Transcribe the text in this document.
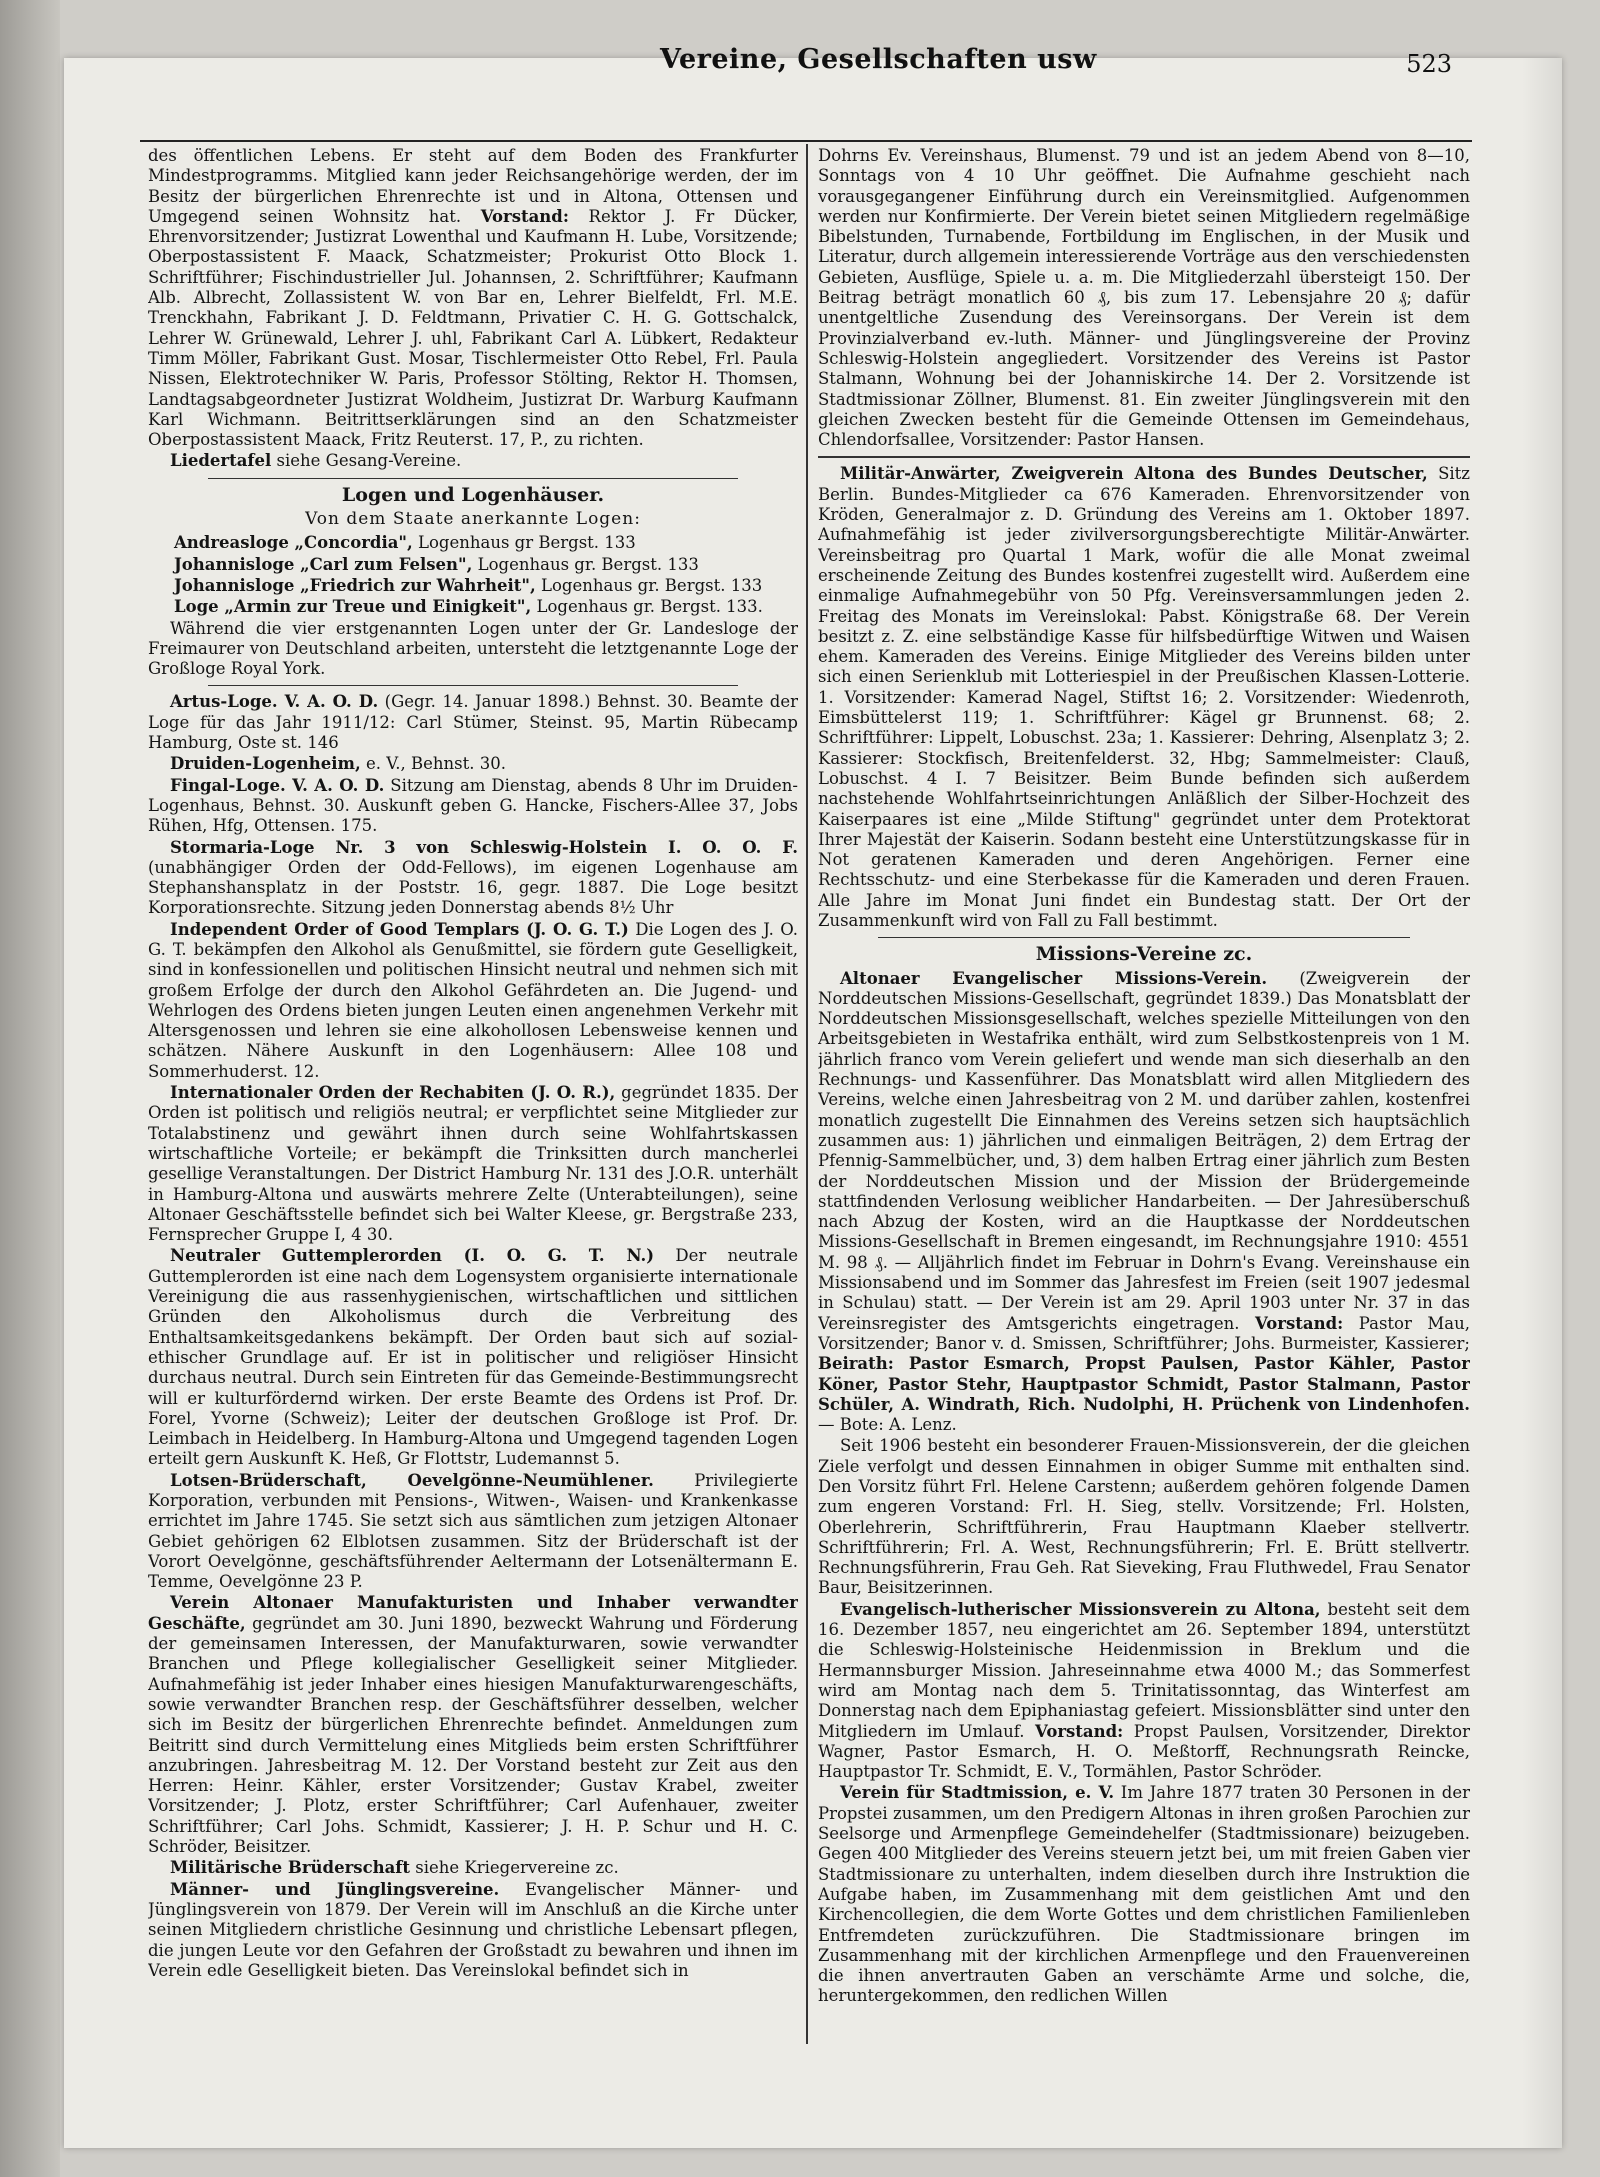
Vereine, Gesellschaften usw	523

des öffentlichen Lebens. Er steht auf dem Boden des Frankfurter Mindestprogramms. Mitglied kann jeder Reichsangehörige werden, der im Besitz der bürgerlichen Ehrenrechte ist und in Altona, Ottensen und Umgegend seinen Wohnsitz hat. Vorstand: Rektor J. Fr Dücker, Ehrenvorsitzender; Justizrat Lowenthal und Kaufmann H. Lube, Vorsitzende; Oberpostassistent F. Maack, Schatzmeister; Prokurist Otto Block 1. Schriftführer; Fischindustrieller Jul. Johannsen, 2. Schriftführer; Kaufmann Alb. Albrecht, Zollassistent W. von Bar en, Lehrer Bielfeldt, Frl. M.E. Trenckhahn, Fabrikant J. D. Feldtmann, Privatier C. H. G. Gottschalck, Lehrer W. Grünewald, Lehrer J. uhl, Fabrikant Carl A. Lübkert, Redakteur Timm Möller, Fabrikant Gust. Mosar, Tischlermeister Otto Rebel, Frl. Paula Nissen, Elektrotechniker W. Paris, Professor Stölting, Rektor H. Thomsen, Landtagsabgeordneter Justizrat Woldheim, Justizrat Dr. Warburg Kaufmann Karl Wichmann. Beitrittserklärungen sind an den Schatzmeister Oberpostassistent Maack, Fritz Reuterst. 17, P., zu richten.

Liedertafel siehe Gesang-Vereine.

Logen und Logenhäuser.
Von dem Staate anerkannte Logen:

Andreasloge „Concordia", Logenhaus gr Bergst. 133

Johannisloge „Carl zum Felsen", Logenhaus gr. Bergst. 133

Johannisloge „Friedrich zur Wahrheit", Logenhaus gr. Bergst. 133

Loge „Armin zur Treue und Einigkeit", Logenhaus gr. Bergst. 133.

Während die vier erstgenannten Logen unter der Gr. Landesloge der Freimaurer von Deutschland arbeiten, untersteht die letztgenannte Loge der Großloge Royal York.

Artus-Loge. V. A. O. D. (Gegr. 14. Januar 1898.) Behnst. 30. Beamte der Loge für das Jahr 1911/12: Carl Stümer, Steinst. 95, Martin Rübecamp Hamburg, Oste st. 146

Druiden-Logenheim, e. V., Behnst. 30.

Fingal-Loge. V. A. O. D. Sitzung am Dienstag, abends 8 Uhr im Druiden-Logenhaus, Behnst. 30. Auskunft geben G. Hancke, Fischers-Allee 37, Jobs Rühen, Hfg, Ottensen. 175.

Stormaria-Loge Nr. 3 von Schleswig-Holstein I. O. O. F. (unabhängiger Orden der Odd-Fellows), im eigenen Logenhause am Stephanshansplatz in der Poststr. 16, gegr. 1887. Die Loge besitzt Korporationsrechte. Sitzung jeden Donnerstag abends 8½ Uhr

Independent Order of Good Templars (J. O. G. T.) Die Logen des J. O. G. T. bekämpfen den Alkohol als Genußmittel, sie fördern gute Geselligkeit, sind in konfessionellen und politischen Hinsicht neutral und nehmen sich mit großem Erfolge der durch den Alkohol Gefährdeten an. Die Jugend- und Wehrlogen des Ordens bieten jungen Leuten einen angenehmen Verkehr mit Altersgenossen und lehren sie eine alkohollosen Lebensweise kennen und schätzen. Nähere Auskunft in den Logenhäusern: Allee 108 und Sommerhuderst. 12.

Internationaler Orden der Rechabiten (J. O. R.), gegründet 1835. Der Orden ist politisch und religiös neutral; er verpflichtet seine Mitglieder zur Totalabstinenz und gewährt ihnen durch seine Wohlfahrtskassen wirtschaftliche Vorteile; er bekämpft die Trinksitten durch mancherlei gesellige Veranstaltungen. Der District Hamburg Nr. 131 des J.O.R. unterhält in Hamburg-Altona und auswärts mehrere Zelte (Unterabteilungen), seine Altonaer Geschäftsstelle befindet sich bei Walter Kleese, gr. Bergstraße 233, Fernsprecher Gruppe I, 4 30.

Neutraler Guttemplerorden (I. O. G. T. N.) Der neutrale Guttemplerorden ist eine nach dem Logensystem organisierte internationale Vereinigung die aus rassenhygienischen, wirtschaftlichen und sittlichen Gründen den Alkoholismus durch die Verbreitung des Enthaltsamkeitsgedankens bekämpft. Der Orden baut sich auf sozial-ethischer Grundlage auf. Er ist in politischer und religiöser Hinsicht durchaus neutral. Durch sein Eintreten für das Gemeinde-Bestimmungsrecht will er kulturfördernd wirken. Der erste Beamte des Ordens ist Prof. Dr. Forel, Yvorne (Schweiz); Leiter der deutschen Großloge ist Prof. Dr. Leimbach in Heidelberg. In Hamburg-Altona und Umgegend tagenden Logen erteilt gern Auskunft K. Heß, Gr Flottstr, Ludemannst 5.

Lotsen-Brüderschaft, Oevelgönne-Neumühlener. Privilegierte Korporation, verbunden mit Pensions-, Witwen-, Waisen- und Krankenkasse errichtet im Jahre 1745. Sie setzt sich aus sämtlichen zum jetzigen Altonaer Gebiet gehörigen 62 Elblotsen zusammen. Sitz der Brüderschaft ist der Vorort Oevelgönne, geschäftsführender Aeltermann der Lotsenältermann E. Temme, Oevelgönne 23 P.

Verein Altonaer Manufakturisten und Inhaber verwandter Geschäfte, gegründet am 30. Juni 1890, bezweckt Wahrung und Förderung der gemeinsamen Interessen, der Manufakturwaren, sowie verwandter Branchen und Pflege kollegialischer Geselligkeit seiner Mitglieder. Aufnahmefähig ist jeder Inhaber eines hiesigen Manufakturwarengeschäfts, sowie verwandter Branchen resp. der Geschäftsführer desselben, welcher sich im Besitz der bürgerlichen Ehrenrechte befindet. Anmeldungen zum Beitritt sind durch Vermittelung eines Mitglieds beim ersten Schriftführer anzubringen. Jahresbeitrag M. 12. Der Vorstand besteht zur Zeit aus den Herren: Heinr. Kähler, erster Vorsitzender; Gustav Krabel, zweiter Vorsitzender; J. Plotz, erster Schriftführer; Carl Aufenhauer, zweiter Schriftführer; Carl Johs. Schmidt, Kassierer; J. H. P. Schur und H. C. Schröder, Beisitzer.

Militärische Brüderschaft siehe Kriegervereine zc.

Männer- und Jünglingsvereine. Evangelischer Männer- und Jünglingsverein von 1879. Der Verein will im Anschluß an die Kirche unter seinen Mitgliedern christliche Gesinnung und christliche Lebensart pflegen, die jungen Leute vor den Gefahren der Großstadt zu bewahren und ihnen im Verein edle Geselligkeit bieten. Das Vereinslokal befindet sich in

Dohrns Ev. Vereinshaus, Blumenst. 79 und ist an jedem Abend von 8—10, Sonntags von 4 10 Uhr geöffnet. Die Aufnahme geschieht nach vorausgegangener Einführung durch ein Vereinsmitglied. Aufgenommen werden nur Konfirmierte. Der Verein bietet seinen Mitgliedern regelmäßige Bibelstunden, Turnabende, Fortbildung im Englischen, in der Musik und Literatur, durch allgemein interessierende Vorträge aus den verschiedensten Gebieten, Ausflüge, Spiele u. a. m. Die Mitgliederzahl übersteigt 150. Der Beitrag beträgt monatlich 60 ₰, bis zum 17. Lebensjahre 20 ₰; dafür unentgeltliche Zusendung des Vereinsorgans. Der Verein ist dem Provinzialverband ev.-luth. Männer- und Jünglingsvereine der Provinz Schleswig-Holstein angegliedert. Vorsitzender des Vereins ist Pastor Stalmann, Wohnung bei der Johanniskirche 14. Der 2. Vorsitzende ist Stadtmissionar Zöllner, Blumenst. 81. Ein zweiter Jünglingsverein mit den gleichen Zwecken besteht für die Gemeinde Ottensen im Gemeindehaus, Chlendorfsallee, Vorsitzender: Pastor Hansen.

Militär-Anwärter, Zweigverein Altona des Bundes Deutscher, Sitz Berlin. Bundes-Mitglieder ca 676 Kameraden. Ehrenvorsitzender von Kröden, Generalmajor z. D. Gründung des Vereins am 1. Oktober 1897. Aufnahmefähig ist jeder zivilversorgungsberechtigte Militär-Anwärter. Vereinsbeitrag pro Quartal 1 Mark, wofür die alle Monat zweimal erscheinende Zeitung des Bundes kostenfrei zugestellt wird. Außerdem eine einmalige Aufnahmegebühr von 50 Pfg. Vereinsversammlungen jeden 2. Freitag des Monats im Vereinslokal: Pabst. Königstraße 68. Der Verein besitzt z. Z. eine selbständige Kasse für hilfsbedürftige Witwen und Waisen ehem. Kameraden des Vereins. Einige Mitglieder des Vereins bilden unter sich einen Serienklub mit Lotteriespiel in der Preußischen Klassen-Lotterie. 1. Vorsitzender: Kamerad Nagel, Stiftst 16; 2. Vorsitzender: Wiedenroth, Eimsbüttelerst 119; 1. Schriftführer: Kägel gr Brunnenst. 68; 2. Schriftführer: Lippelt, Lobuschst. 23a; 1. Kassierer: Dehring, Alsenplatz 3; 2. Kassierer: Stockfisch, Breitenfelderst. 32, Hbg; Sammelmeister: Clauß, Lobuschst. 4 I. 7 Beisitzer. Beim Bunde befinden sich außerdem nachstehende Wohlfahrtseinrichtungen Anläßlich der Silber-Hochzeit des Kaiserpaares ist eine „Milde Stiftung" gegründet unter dem Protektorat Ihrer Majestät der Kaiserin. Sodann besteht eine Unterstützungskasse für in Not geratenen Kameraden und deren Angehörigen. Ferner eine Rechtsschutz- und eine Sterbekasse für die Kameraden und deren Frauen. Alle Jahre im Monat Juni findet ein Bundestag statt. Der Ort der Zusammenkunft wird von Fall zu Fall bestimmt.

Missions-Vereine zc.

Altonaer Evangelischer Missions-Verein. (Zweigverein der Norddeutschen Missions-Gesellschaft, gegründet 1839.) Das Monatsblatt der Norddeutschen Missionsgesellschaft, welches spezielle Mitteilungen von den Arbeitsgebieten in Westafrika enthält, wird zum Selbstkostenpreis von 1 M. jährlich franco vom Verein geliefert und wende man sich dieserhalb an den Rechnungs- und Kassenführer. Das Monatsblatt wird allen Mitgliedern des Vereins, welche einen Jahresbeitrag von 2 M. und darüber zahlen, kostenfrei monatlich zugestellt Die Einnahmen des Vereins setzen sich hauptsächlich zusammen aus: 1) jährlichen und einmaligen Beiträgen, 2) dem Ertrag der Pfennig-Sammelbücher, und, 3) dem halben Ertrag einer jährlich zum Besten der Norddeutschen Mission und der Mission der Brüdergemeinde stattfindenden Verlosung weiblicher Handarbeiten. — Der Jahresüberschuß nach Abzug der Kosten, wird an die Hauptkasse der Norddeutschen Missions-Gesellschaft in Bremen eingesandt, im Rechnungsjahre 1910: 4551 M. 98 ₰. — Alljährlich findet im Februar in Dohrn's Evang. Vereinshause ein Missionsabend und im Sommer das Jahresfest im Freien (seit 1907 jedesmal in Schulau) statt. — Der Verein ist am 29. April 1903 unter Nr. 37 in das Vereinsregister des Amtsgerichts eingetragen. Vorstand: Pastor Mau, Vorsitzender; Banor v. d. Smissen, Schriftführer; Johs. Burmeister, Kassierer; Beirath: Pastor Esmarch, Propst Paulsen, Pastor Kähler, Pastor Köner, Pastor Stehr, Hauptpastor Schmidt, Pastor Stalmann, Pastor Schüler, A. Windrath, Rich. Nudolphi, H. Prüchenk von Lindenhofen. — Bote: A. Lenz.

Seit 1906 besteht ein besonderer Frauen-Missionsverein, der die gleichen Ziele verfolgt und dessen Einnahmen in obiger Summe mit enthalten sind. Den Vorsitz führt Frl. Helene Carstenn; außerdem gehören folgende Damen zum engeren Vorstand: Frl. H. Sieg, stellv. Vorsitzende; Frl. Holsten, Oberlehrerin, Schriftführerin, Frau Hauptmann Klaeber stellvertr. Schriftführerin; Frl. A. West, Rechnungsführerin; Frl. E. Brütt stellvertr. Rechnungsführerin, Frau Geh. Rat Sieveking, Frau Fluthwedel, Frau Senator Baur, Beisitzerinnen.

Evangelisch-lutherischer Missionsverein zu Altona, besteht seit dem 16. Dezember 1857, neu eingerichtet am 26. September 1894, unterstützt die Schleswig-Holsteinische Heidenmission in Breklum und die Hermannsburger Mission. Jahreseinnahme etwa 4000 M.; das Sommerfest wird am Montag nach dem 5. Trinitatissonntag, das Winterfest am Donnerstag nach dem Epiphaniastag gefeiert. Missionsblätter sind unter den Mitgliedern im Umlauf. Vorstand: Propst Paulsen, Vorsitzender, Direktor Wagner, Pastor Esmarch, H. O. Meßtorff, Rechnungsrath Reincke, Hauptpastor Tr. Schmidt, E. V., Tormählen, Pastor Schröder.

Verein für Stadtmission, e. V. Im Jahre 1877 traten 30 Personen in der Propstei zusammen, um den Predigern Altonas in ihren großen Parochien zur Seelsorge und Armenpflege Gemeindehelfer (Stadtmissionare) beizugeben. Gegen 400 Mitglieder des Vereins steuern jetzt bei, um mit freien Gaben vier Stadtmissionare zu unterhalten, indem dieselben durch ihre Instruktion die Aufgabe haben, im Zusammenhang mit dem geistlichen Amt und den Kirchencollegien, die dem Worte Gottes und dem christlichen Familienleben Entfremdeten zurückzuführen. Die Stadtmissionare bringen im Zusammenhang mit der kirchlichen Armenpflege und den Frauenvereinen die ihnen anvertrauten Gaben an verschämte Arme und solche, die, heruntergekommen, den redlichen Willen
